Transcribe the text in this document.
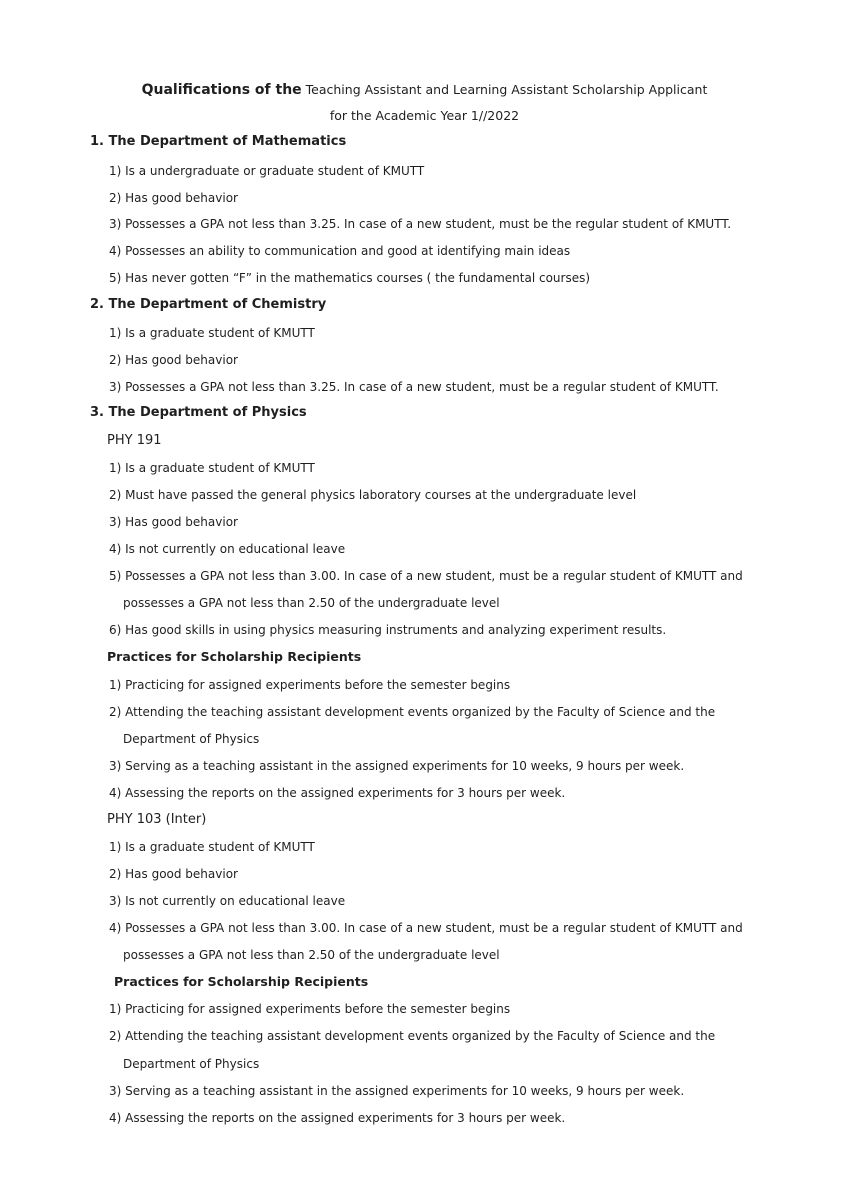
Qualifications of the Teaching Assistant and Learning Assistant Scholarship Applicant
for the Academic Year 1//2022
1. The Department of Mathematics
1) Is a undergraduate or graduate student of KMUTT
2) Has good behavior
3) Possesses a GPA not less than 3.25. In case of a new student, must be the regular student of KMUTT.
4) Possesses an ability to communication and good at identifying main ideas
5) Has never gotten “F” in the mathematics courses ( the fundamental courses)
2. The Department of Chemistry
1) Is a graduate student of KMUTT
2) Has good behavior
3) Possesses a GPA not less than 3.25. In case of a new student, must be a regular student of KMUTT.
3. The Department of Physics
PHY 191
1) Is a graduate student of KMUTT
2) Must have passed the general physics laboratory courses at the undergraduate level
3) Has good behavior
4) Is not currently on educational leave
5) Possesses a GPA not less than 3.00. In case of a new student, must be a regular student of KMUTT and
possesses a GPA not less than 2.50 of the undergraduate level
6) Has good skills in using physics measuring instruments and analyzing experiment results.
Practices for Scholarship Recipients
1) Practicing for assigned experiments before the semester begins
2) Attending the teaching assistant development events organized by the Faculty of Science and the
Department of Physics
3) Serving as a teaching assistant in the assigned experiments for 10 weeks, 9 hours per week.
4) Assessing the reports on the assigned experiments for 3 hours per week.
PHY 103 (Inter)
1) Is a graduate student of KMUTT
2) Has good behavior
3) Is not currently on educational leave
4) Possesses a GPA not less than 3.00. In case of a new student, must be a regular student of KMUTT and
possesses a GPA not less than 2.50 of the undergraduate level
Practices for Scholarship Recipients
1) Practicing for assigned experiments before the semester begins
2) Attending the teaching assistant development events organized by the Faculty of Science and the
Department of Physics
3) Serving as a teaching assistant in the assigned experiments for 10 weeks, 9 hours per week.
4) Assessing the reports on the assigned experiments for 3 hours per week.
